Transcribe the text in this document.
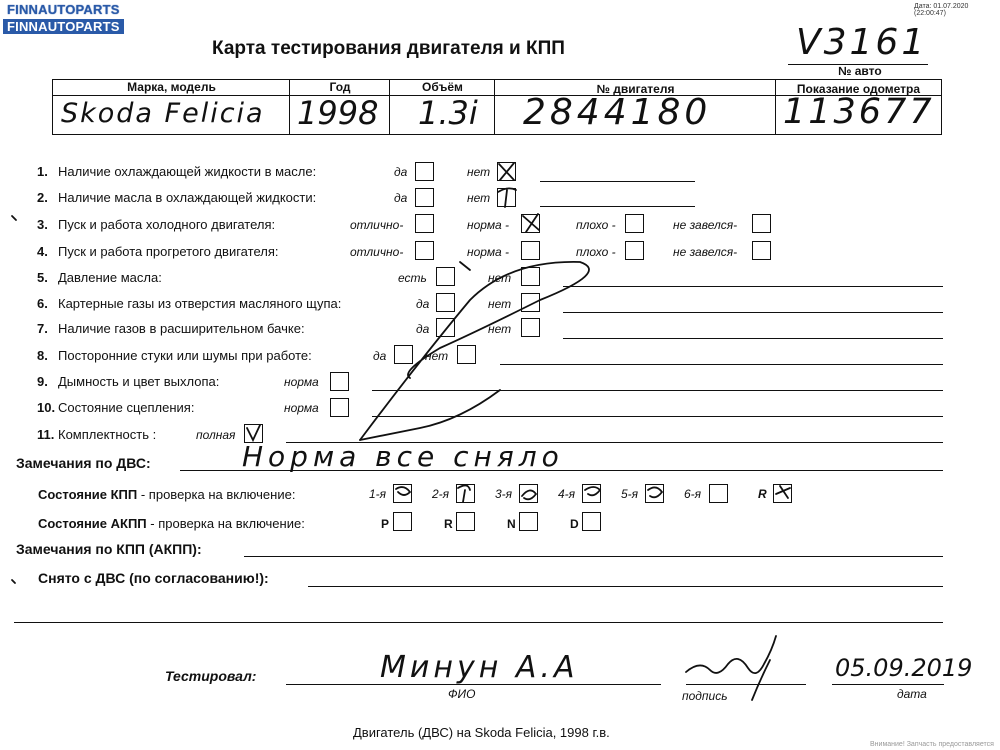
FINNAUTOPARTS
FINNAUTOPARTS
Дата: 01.07.2020 (22:00:47)
Карта тестирования двигателя и КПП	V3161
№ авто
Марка, модель	Год	Объём	№ двигателя	Показание одометра
Skoda Felicia 1998 1.3i 2844180 113677
1. Наличие охлаждающей жидкости в масле:	да	нет
2. Наличие масла в охлаждающей жидкости:	да	нет
3. Пуск и работа холодного двигателя:	отлично-	норма -	плохо -	не завелся-
4. Пуск и работа прогретого двигателя:	отлично-	норма -	плохо -	не завелся-
5. Давление масла:	есть	нет
6. Картерные газы из отверстия масляного щупа:	да	нет
7. Наличие газов в расширительном бачке:	да	нет
8. Посторонние стуки или шумы при работе:	да	нет
9. Дымность и цвет выхлопа:	норма
10. Состояние сцепления:	норма
11. Комплектность :	полная
Замечания по ДВС:	Норма все сняло
Состояние КПП - проверка на включение:	1-я	2-я	3-я	4-я	5-я	6-я	R
Состояние АКПП - проверка на включение:	P	R	N	D
Замечания по КПП (АКПП):
Снято с ДВС (по согласованию!):
Тестировал:	Минун А.А
ФИО	подпись
05.09.2019
дата
Двигатель (ДВС) на Skoda Felicia, 1998 г.в.
Внимание! Запчасть предоставляется
